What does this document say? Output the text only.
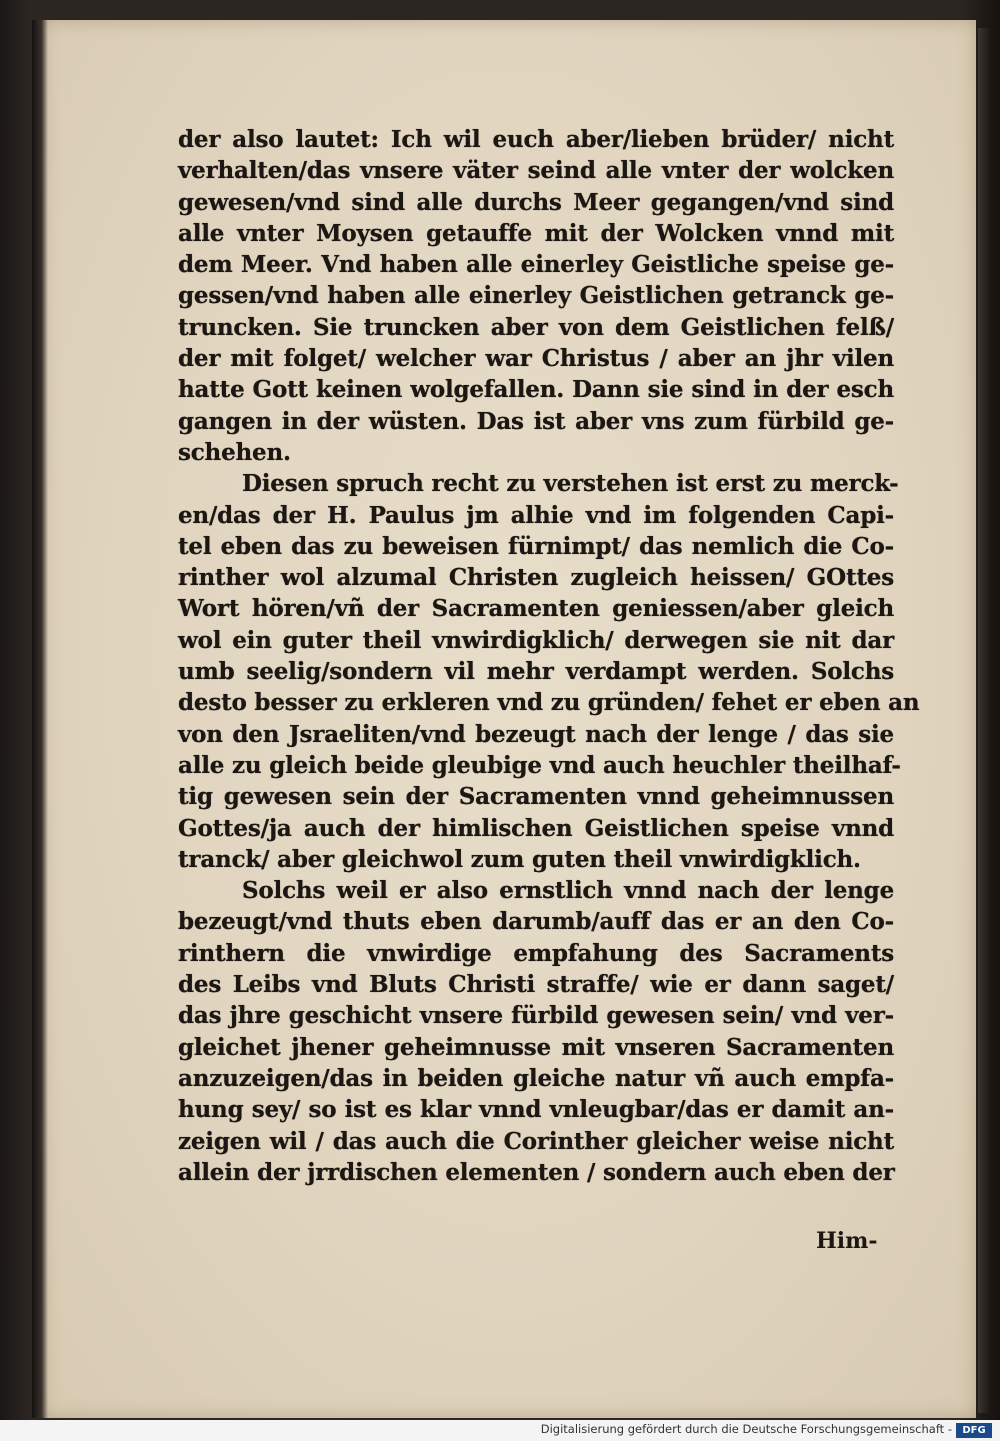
der also lautet: Ich wil euch aber/lieben brüder/ nicht
verhalten/das vnsere väter seind alle vnter der wolcken
gewesen/vnd sind alle durchs Meer gegangen/vnd sind
alle vnter Moysen getauffe mit der Wolcken vnnd mit
dem Meer. Vnd haben alle einerley Geistliche speise ge-
gessen/vnd haben alle einerley Geistlichen getranck ge-
truncken. Sie truncken aber von dem Geistlichen felß/
der mit folget/ welcher war Christus / aber an jhr vilen
hatte Gott keinen wolgefallen. Dann sie sind in der esch
gangen in der wüsten. Das ist aber vns zum fürbild ge-
schehen.
Diesen spruch recht zu verstehen ist erst zu merck-
en/das der H. Paulus jm alhie vnd im folgenden Capi-
tel eben das zu beweisen fürnimpt/ das nemlich die Co-
rinther wol alzumal Christen zugleich heissen/ GOttes
Wort hören/vñ der Sacramenten geniessen/aber gleich
wol ein guter theil vnwirdigklich/ derwegen sie nit dar
umb seelig/sondern vil mehr verdampt werden. Solchs
desto besser zu erkleren vnd zu gründen/ fehet er eben an
von den Jsraeliten/vnd bezeugt nach der lenge / das sie
alle zu gleich beide gleubige vnd auch heuchler theilhaf-
tig gewesen sein der Sacramenten vnnd geheimnussen
Gottes/ja auch der himlischen Geistlichen speise vnnd
tranck/ aber gleichwol zum guten theil vnwirdigklich.
Solchs weil er also ernstlich vnnd nach der lenge
bezeugt/vnd thuts eben darumb/auff das er an den Co-
rinthern die vnwirdige empfahung des Sacraments
des Leibs vnd Bluts Christi straffe/ wie er dann saget/
das jhre geschicht vnsere fürbild gewesen sein/ vnd ver-
gleichet jhener geheimnusse mit vnseren Sacramenten
anzuzeigen/das in beiden gleiche natur vñ auch empfa-
hung sey/ so ist es klar vnnd vnleugbar/das er damit an-
zeigen wil / das auch die Corinther gleicher weise nicht
allein der jrrdischen elementen / sondern auch eben der
Him-
Digitalisierung gefördert durch die Deutsche Forschungsgemeinschaft -	DFG
